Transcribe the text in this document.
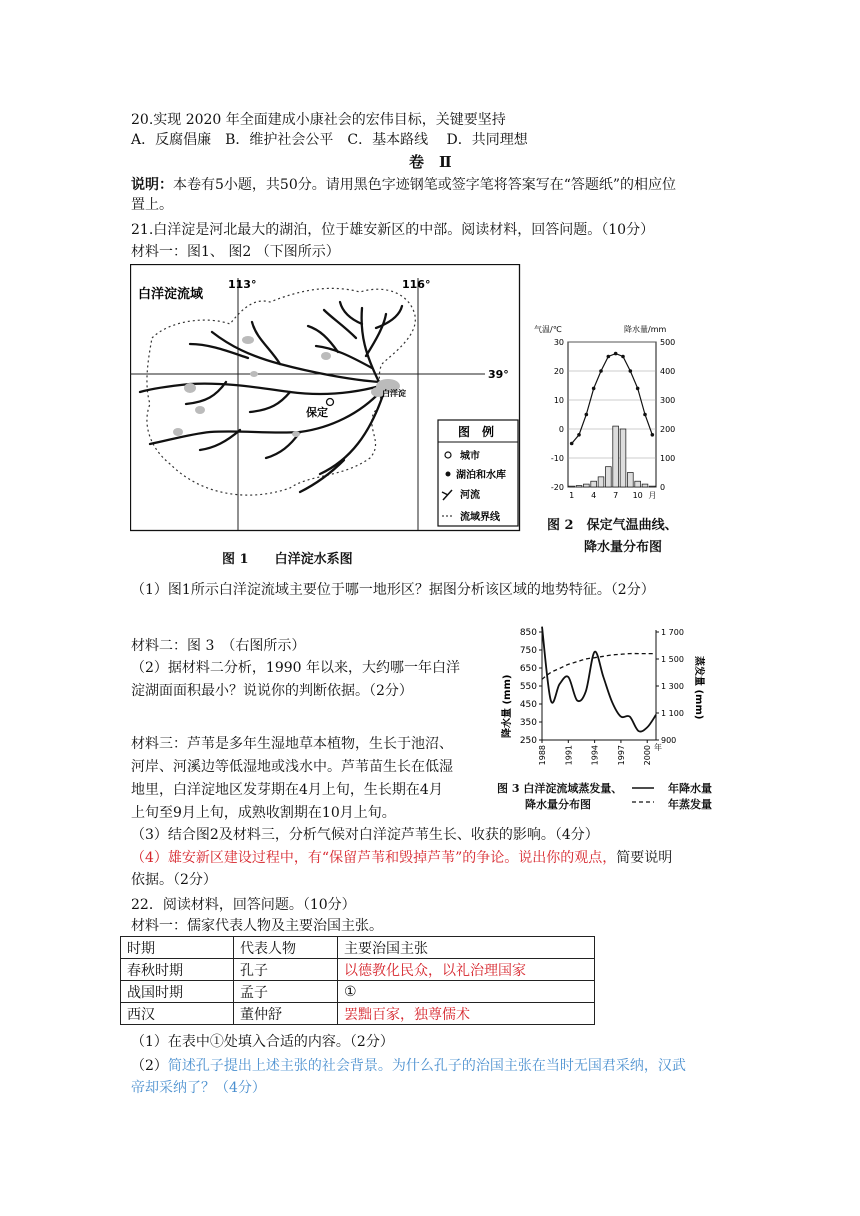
20.实现 2020 年全面建成小康社会的宏伟目标，关键要坚持
A．反腐倡廉　B．维护社会公平　C．基本路线　 D．共同理想
卷　Ⅱ
说明：本卷有5小题，共50分。请用黑色字迹钢笔或签字笔将答案写在“答题纸”的相应位
置上。
21.白洋淀是河北最大的湖泊，位于雄安新区的中部。阅读材料，回答问题。（10分）
材料一：图1、 图2 （下图所示）
白洋淀流域
113°	116°
39°
保定
白洋淀
图　例
城市
湖泊和水库
河流
流域界线
图 1　　白洋淀水系图
气温/℃	降水量/mm
30
20
10
0
-10
-20
500
400
300
200
100
0
1 4 7 10 月
图 2　保定气温曲线、
降水量分布图
（1）图1所示白洋淀流域主要位于哪一地形区？据图分析该区域的地势特征。（2分）
材料二：图 3　（右图所示）
（2）据材料二分析，1990 年以来，大约哪一年白洋
淀湖面面积最小？说说你的判断依据。（2分）	降水量 (mm)	蒸发量 (mm)
850
750
650
550
450
350
250
1 700
1 500
1 300
1 100
900
1988 1991 1994 1997 2000 年
图 3 白洋淀流域蒸发量、
降水量分布图
年降水量
年蒸发量
材料三：芦苇是多年生湿地草本植物，生长于池沼、
河岸、河溪边等低湿地或浅水中。芦苇苗生长在低湿
地里，白洋淀地区发芽期在4月上旬，生长期在4月
上旬至9月上旬，成熟收割期在10月上旬。
（3）结合图2及材料三，分析气候对白洋淀芦苇生长、收获的影响。（4分）
（4）雄安新区建设过程中，有“保留芦苇和毁掉芦苇”的争论。说出你的观点，简要说明
依据。（2分）
22．阅读材料，回答问题。（10分）
材料一：儒家代表人物及主要治国主张。
时期	代表人物	主要治国主张
春秋时期	孔子	以德教化民众，以礼治理国家
战国时期	孟子	①
西汉	董仲舒	罢黜百家，独尊儒术
（1）在表中①处填入合适的内容。（2分）
（2）简述孔子提出上述主张的社会背景。为什么孔子的治国主张在当时无国君采纳，汉武
帝却采纳了？（4分）
